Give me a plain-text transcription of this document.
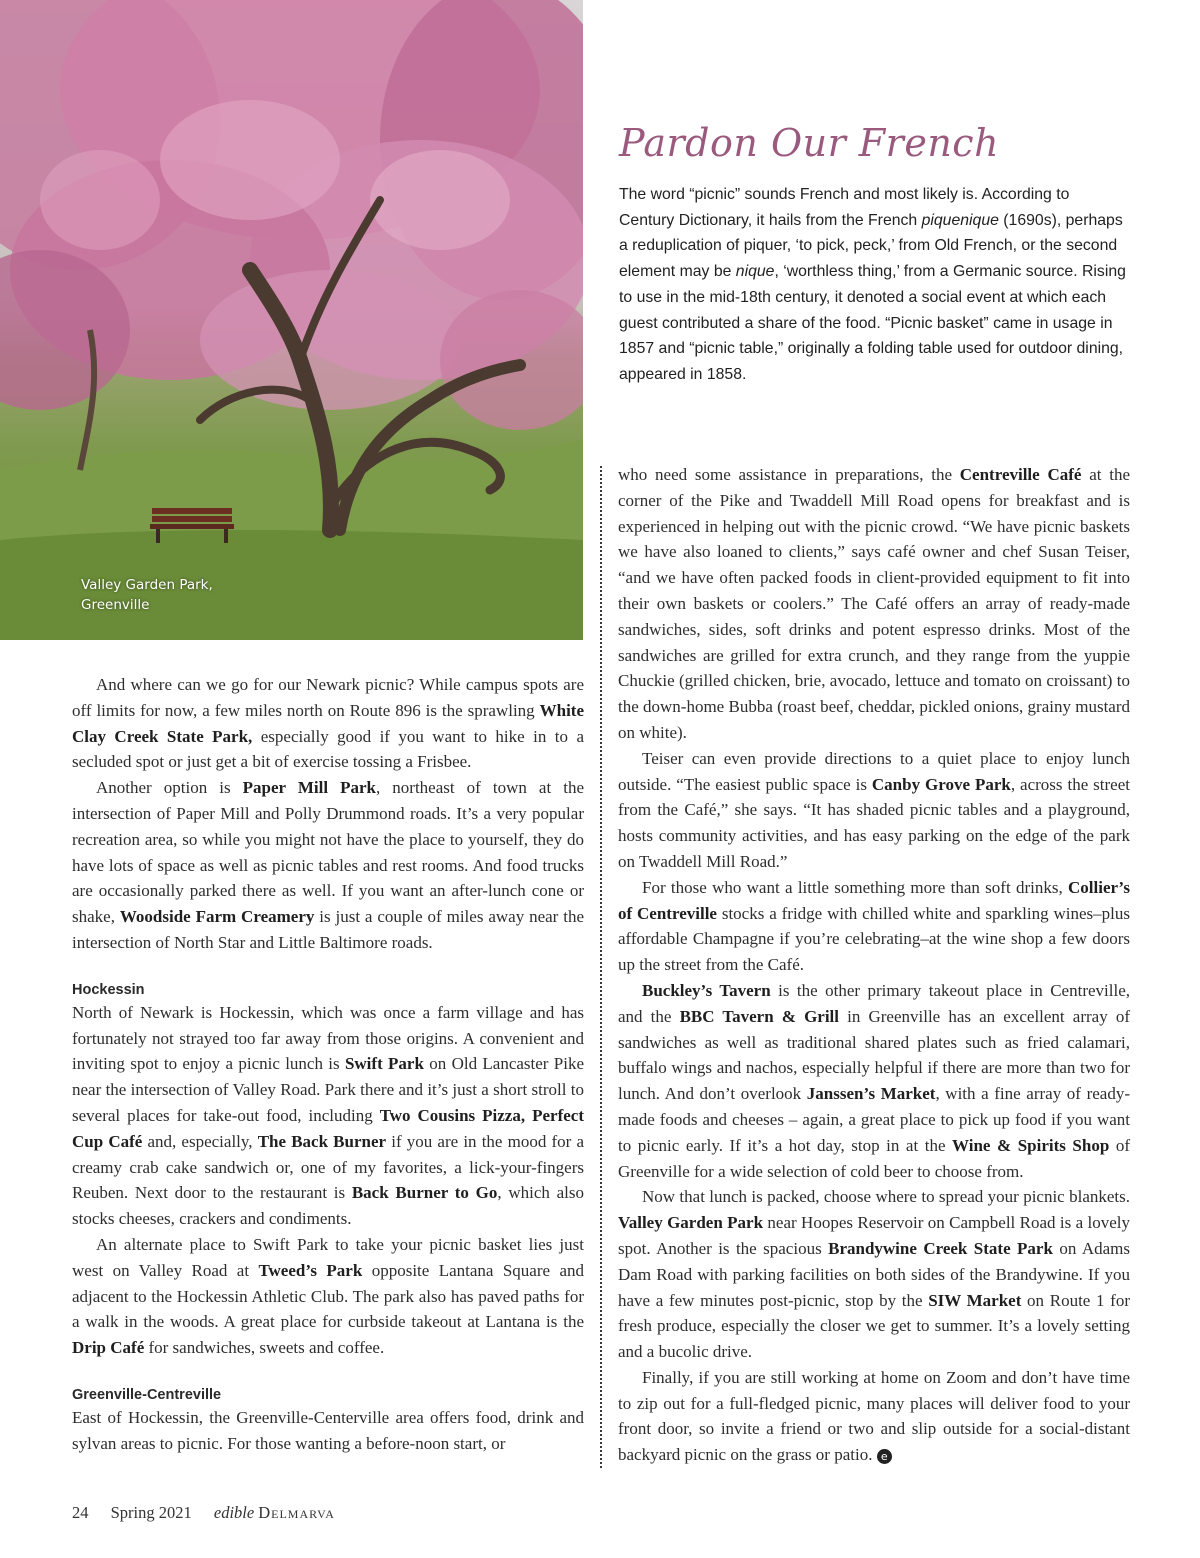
Valley Garden Park,
Greenville
Pardon Our French

The word “picnic” sounds French and most likely is. According to Century Dictionary, it hails from the French piquenique (1690s), perhaps a reduplication of piquer, ‘to pick, peck,’ from Old French, or the second element may be nique, ‘worthless thing,’ from a Germanic source. Rising to use in the mid-18th century, it denoted a social event at which each guest contributed a share of the food. “Picnic basket” came in usage in 1857 and “picnic table,” originally a folding table used for outdoor dining, appeared in 1858.

And where can we go for our Newark picnic? While campus spots are off limits for now, a few miles north on Route 896 is the sprawling White Clay Creek State Park, especially good if you want to hike in to a secluded spot or just get a bit of exercise tossing a Frisbee.

Another option is Paper Mill Park, northeast of town at the intersection of Paper Mill and Polly Drummond roads. It’s a very popular recreation area, so while you might not have the place to yourself, they do have lots of space as well as picnic tables and rest rooms. And food trucks are occasionally parked there as well. If you want an after-lunch cone or shake, Woodside Farm Creamery is just a couple of miles away near the intersection of North Star and Little Baltimore roads.

Hockessin

North of Newark is Hockessin, which was once a farm village and has fortunately not strayed too far away from those origins. A convenient and inviting spot to enjoy a picnic lunch is Swift Park on Old Lancaster Pike near the intersection of Valley Road. Park there and it’s just a short stroll to several places for take-out food, including Two Cousins Pizza, Perfect Cup Café and, especially, The Back Burner if you are in the mood for a creamy crab cake sandwich or, one of my favorites, a lick-your-fingers Reuben. Next door to the restaurant is Back Burner to Go, which also stocks cheeses, crackers and condiments.

An alternate place to Swift Park to take your picnic basket lies just west on Valley Road at Tweed’s Park opposite Lantana Square and adjacent to the Hockessin Athletic Club. The park also has paved paths for a walk in the woods. A great place for curbside takeout at Lantana is the Drip Café for sandwiches, sweets and coffee.

Greenville-Centreville

East of Hockessin, the Greenville-Centerville area offers food, drink and sylvan areas to picnic. For those wanting a before-noon start, or

who need some assistance in preparations, the Centreville Café at the corner of the Pike and Twaddell Mill Road opens for breakfast and is experienced in helping out with the picnic crowd. “We have picnic baskets we have also loaned to clients,” says café owner and chef Susan Teiser, “and we have often packed foods in client-provided equipment to fit into their own baskets or coolers.” The Café offers an array of ready-made sandwiches, sides, soft drinks and potent espresso drinks. Most of the sandwiches are grilled for extra crunch, and they range from the yuppie Chuckie (grilled chicken, brie, avocado, lettuce and tomato on croissant) to the down-home Bubba (roast beef, cheddar, pickled onions, grainy mustard on white).

Teiser can even provide directions to a quiet place to enjoy lunch outside. “The easiest public space is Canby Grove Park, across the street from the Café,” she says. “It has shaded picnic tables and a playground, hosts community activities, and has easy parking on the edge of the park on Twaddell Mill Road.”

For those who want a little something more than soft drinks, Collier’s of Centreville stocks a fridge with chilled white and sparkling wines–plus affordable Champagne if you’re celebrating–at the wine shop a few doors up the street from the Café.

Buckley’s Tavern is the other primary takeout place in Centreville, and the BBC Tavern & Grill in Greenville has an excellent array of sandwiches as well as traditional shared plates such as fried calamari, buffalo wings and nachos, especially helpful if there are more than two for lunch. And don’t overlook Janssen’s Market, with a fine array of ready-made foods and cheeses – again, a great place to pick up food if you want to picnic early. If it’s a hot day, stop in at the Wine & Spirits Shop of Greenville for a wide selection of cold beer to choose from.

Now that lunch is packed, choose where to spread your picnic blankets. Valley Garden Park near Hoopes Reservoir on Campbell Road is a lovely spot. Another is the spacious Brandywine Creek State Park on Adams Dam Road with parking facilities on both sides of the Brandywine. If you have a few minutes post-picnic, stop by the SIW Market on Route 1 for fresh produce, especially the closer we get to summer. It’s a lovely setting and a bucolic drive.

Finally, if you are still working at home on Zoom and don’t have time to zip out for a full-fledged picnic, many places will deliver food to your front door, so invite a friend or two and slip outside for a social-distant backyard picnic on the grass or patio. e

24 Spring 2021 edible Delmarva
